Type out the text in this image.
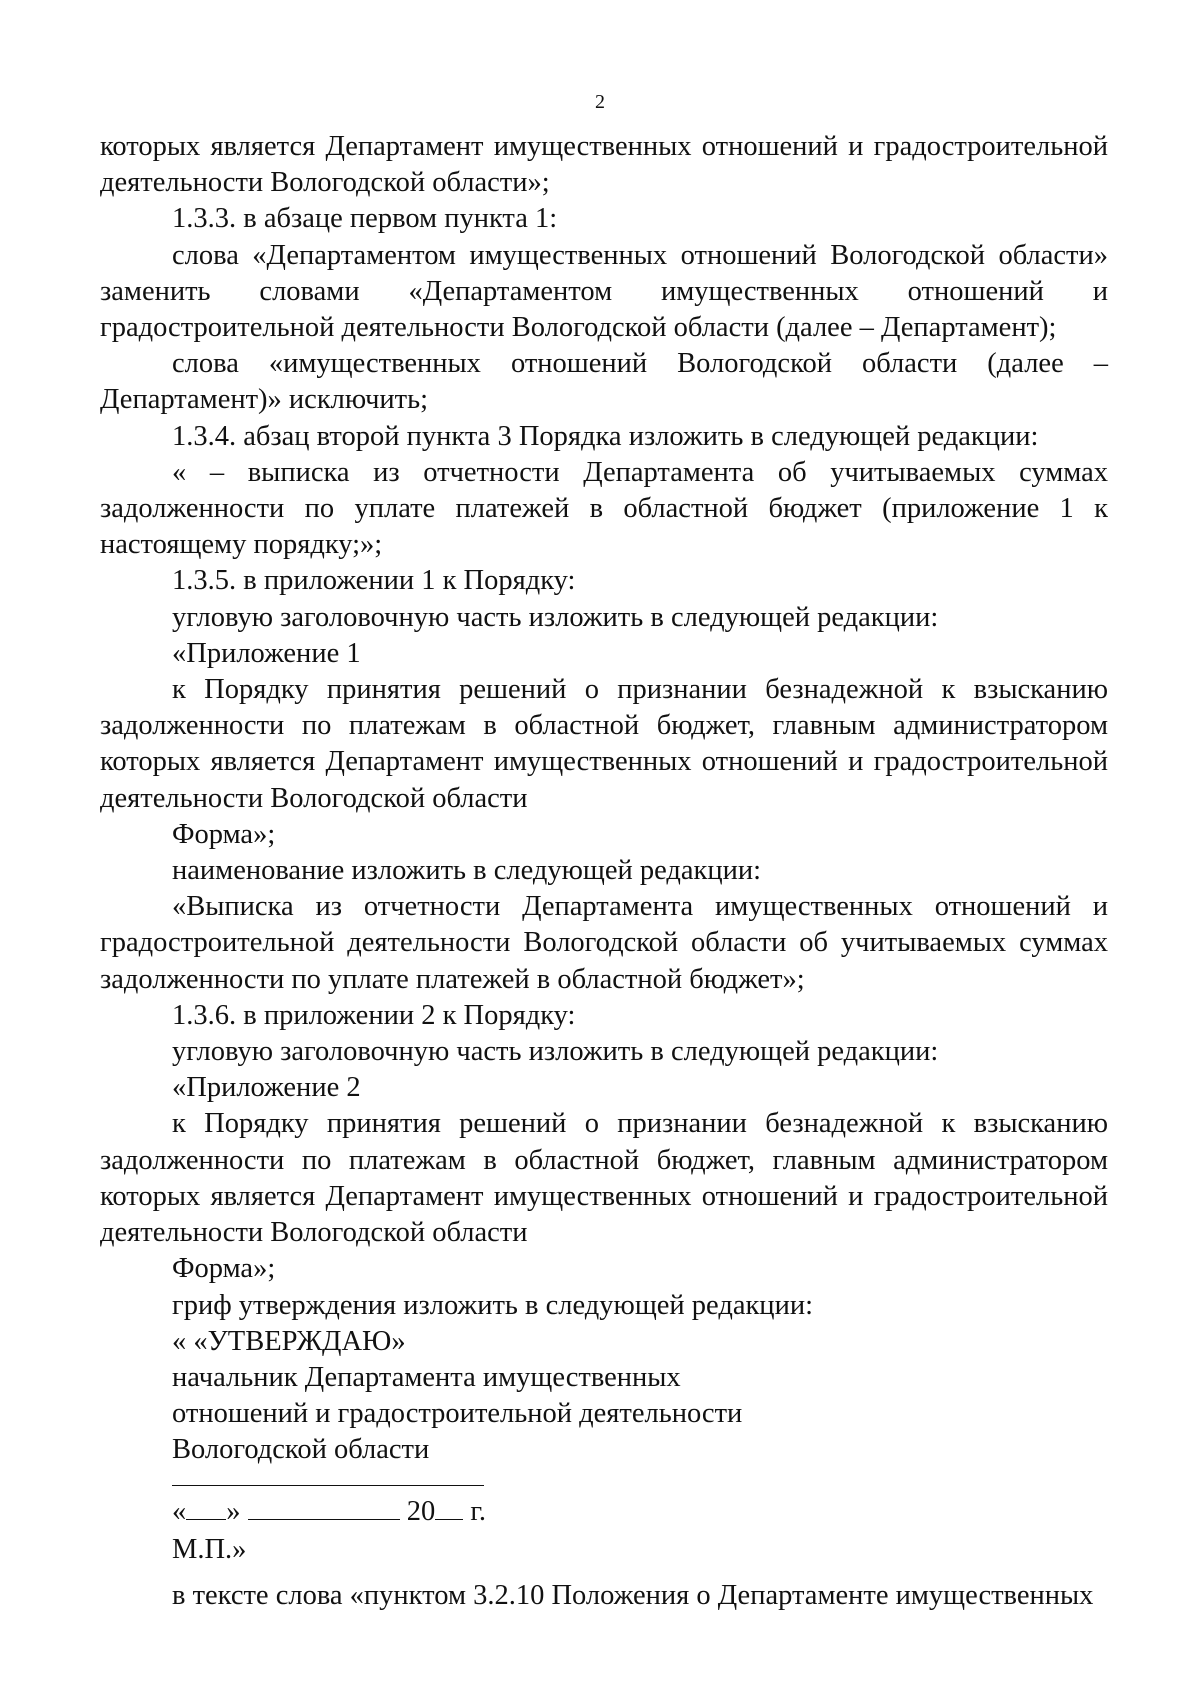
2

которых является Департамент имущественных отношений и градостроительной деятельности Вологодской области»;

1.3.3. в абзаце первом пункта 1:

слова «Департаментом имущественных отношений Вологодской области» заменить словами «Департаментом имущественных отношений и градостроительной деятельности Вологодской области (далее – Департамент);

слова «имущественных отношений Вологодской области (далее – Департамент)» исключить;

1.3.4. абзац второй пункта 3 Порядка изложить в следующей редакции:

« – выписка из отчетности Департамента об учитываемых суммах задолженности по уплате платежей в областной бюджет (приложение 1 к настоящему порядку;»;

1.3.5. в приложении 1 к Порядку:

угловую заголовочную часть изложить в следующей редакции:

«Приложение 1

к Порядку принятия решений о признании безнадежной к взысканию задолженности по платежам в областной бюджет, главным администратором которых является Департамент имущественных отношений и градостроительной деятельности Вологодской области

Форма»;

наименование изложить в следующей редакции:

«Выписка из отчетности Департамента имущественных отношений и градостроительной деятельности Вологодской области об учитываемых суммах задолженности по уплате платежей в областной бюджет»;

1.3.6. в приложении 2 к Порядку:

угловую заголовочную часть изложить в следующей редакции:

«Приложение 2

к Порядку принятия решений о признании безнадежной к взысканию задолженности по платежам в областной бюджет, главным администратором которых является Департамент имущественных отношений и градостроительной деятельности Вологодской области

Форма»;

гриф утверждения изложить в следующей редакции:

« «УТВЕРЖДАЮ»

начальник Департамента имущественных

отношений и градостроительной деятельности

Вологодской области

« »	20 г.
М.П.»
в тексте слова «пунктом 3.2.10 Положения о Департаменте имущественных
